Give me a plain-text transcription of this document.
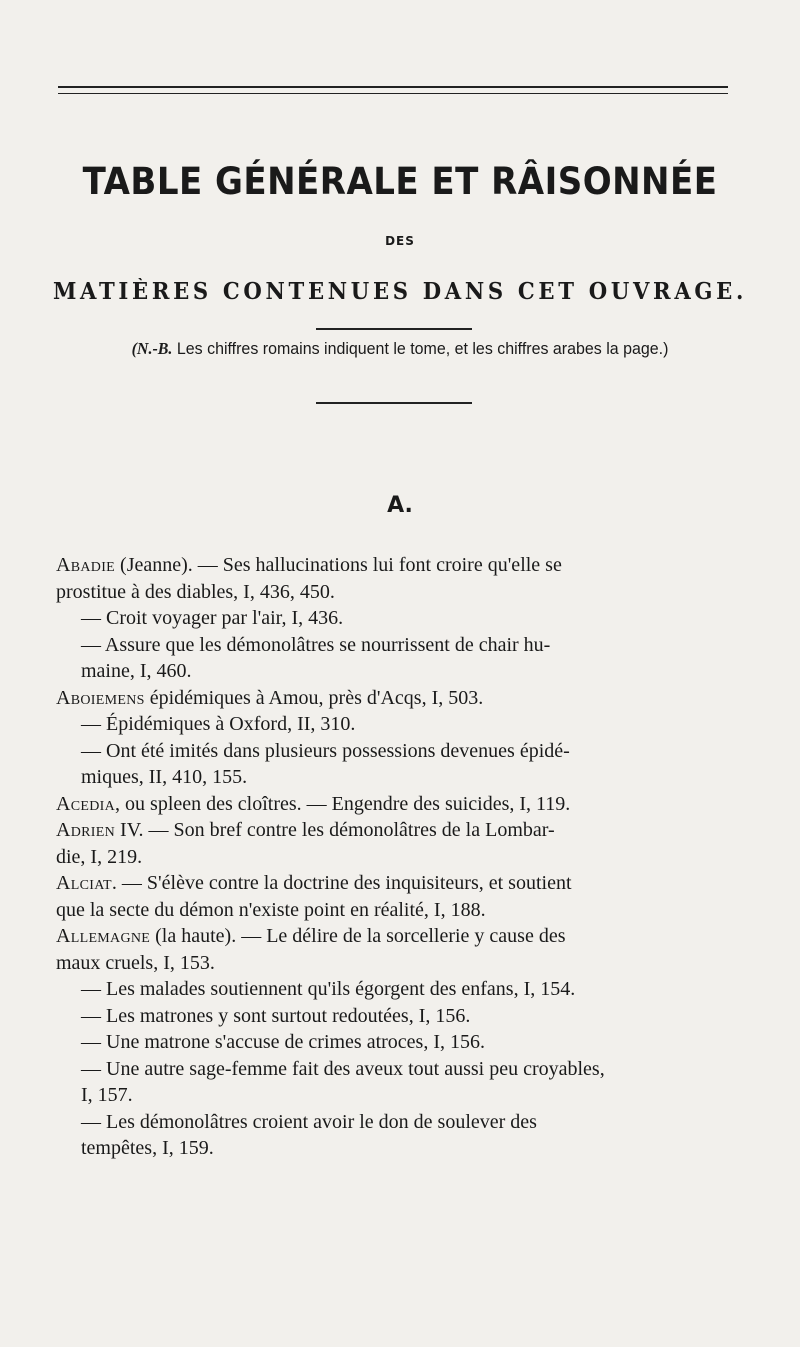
TABLE GÉNÉRALE ET RÂISONNÉE
DES
MATIÈRES CONTENUES DANS CET OUVRAGE.
(N.-B. Les chiffres romains indiquent le tome, et les chiffres arabes la page.)
A.
Abadie (Jeanne). — Ses hallucinations lui font croire qu'elle se
prostitue à des diables, I, 436, 450.
— Croit voyager par l'air, I, 436.
— Assure que les démonolâtres se nourrissent de chair hu-
maine, I, 460.
Aboiemens épidémiques à Amou, près d'Acqs, I, 503.
— Épidémiques à Oxford, II, 310.
— Ont été imités dans plusieurs possessions devenues épidé-
miques, II, 410, 155.
Acedia, ou spleen des cloîtres. — Engendre des suicides, I, 119.
Adrien IV. — Son bref contre les démonolâtres de la Lombar-
die, I, 219.
Alciat. — S'élève contre la doctrine des inquisiteurs, et soutient
que la secte du démon n'existe point en réalité, I, 188.
Allemagne (la haute). — Le délire de la sorcellerie y cause des
maux cruels, I, 153.
— Les malades soutiennent qu'ils égorgent des enfans, I, 154.
— Les matrones y sont surtout redoutées, I, 156.
— Une matrone s'accuse de crimes atroces, I, 156.
— Une autre sage-femme fait des aveux tout aussi peu croyables,
I, 157.
— Les démonolâtres croient avoir le don de soulever des
tempêtes, I, 159.
